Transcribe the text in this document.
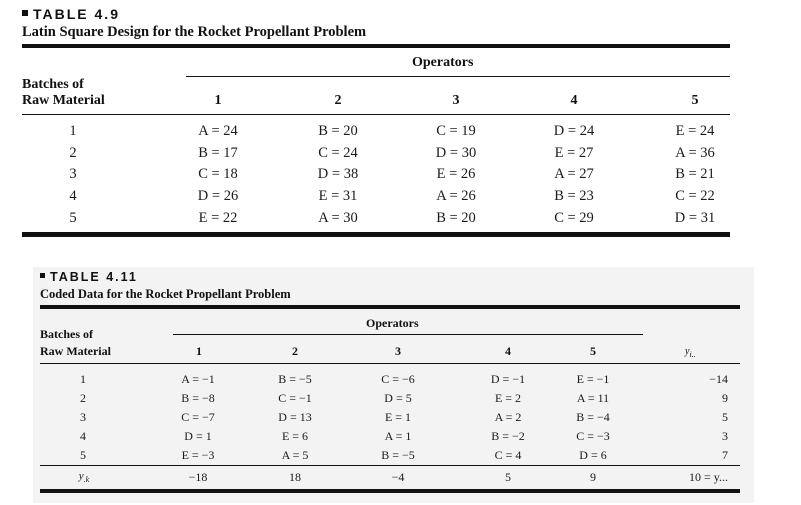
TABLE 4.9
Latin Square Design for the Rocket Propellant Problem
Operators
Batches of
Raw Material	1	2	3	4	5
1	A = 24	B = 20	C = 19	D = 24	E = 24
2	B = 17	C = 24	D = 30	E = 27	A = 36
3	C = 18	D = 38	E = 26	A = 27	B = 21
4	D = 26	E = 31	A = 26	B = 23	C = 22
5	E = 22	A = 30	B = 20	C = 29	D = 31
TABLE 4.11
Coded Data for the Rocket Propellant Problem
Operators
Batches of
Raw Material	1	2	3	4	5	$y_{i..}$
1	A = −1	B = −5	C = −6	D = −1	E = −1	−14
2	B = −8	C = −1	D = 5	E = 2	A = 11	9
3	C = −7	D = 13	E = 1	A = 2	B = −4	5
4	D = 1	E = 6	A = 1	B = −2	C = −3	3
5	E = −3	A = 5	B = −5	C = 4	D = 6	7
$y_{.k}$	−18	18	−4	5	9	10 = y...
